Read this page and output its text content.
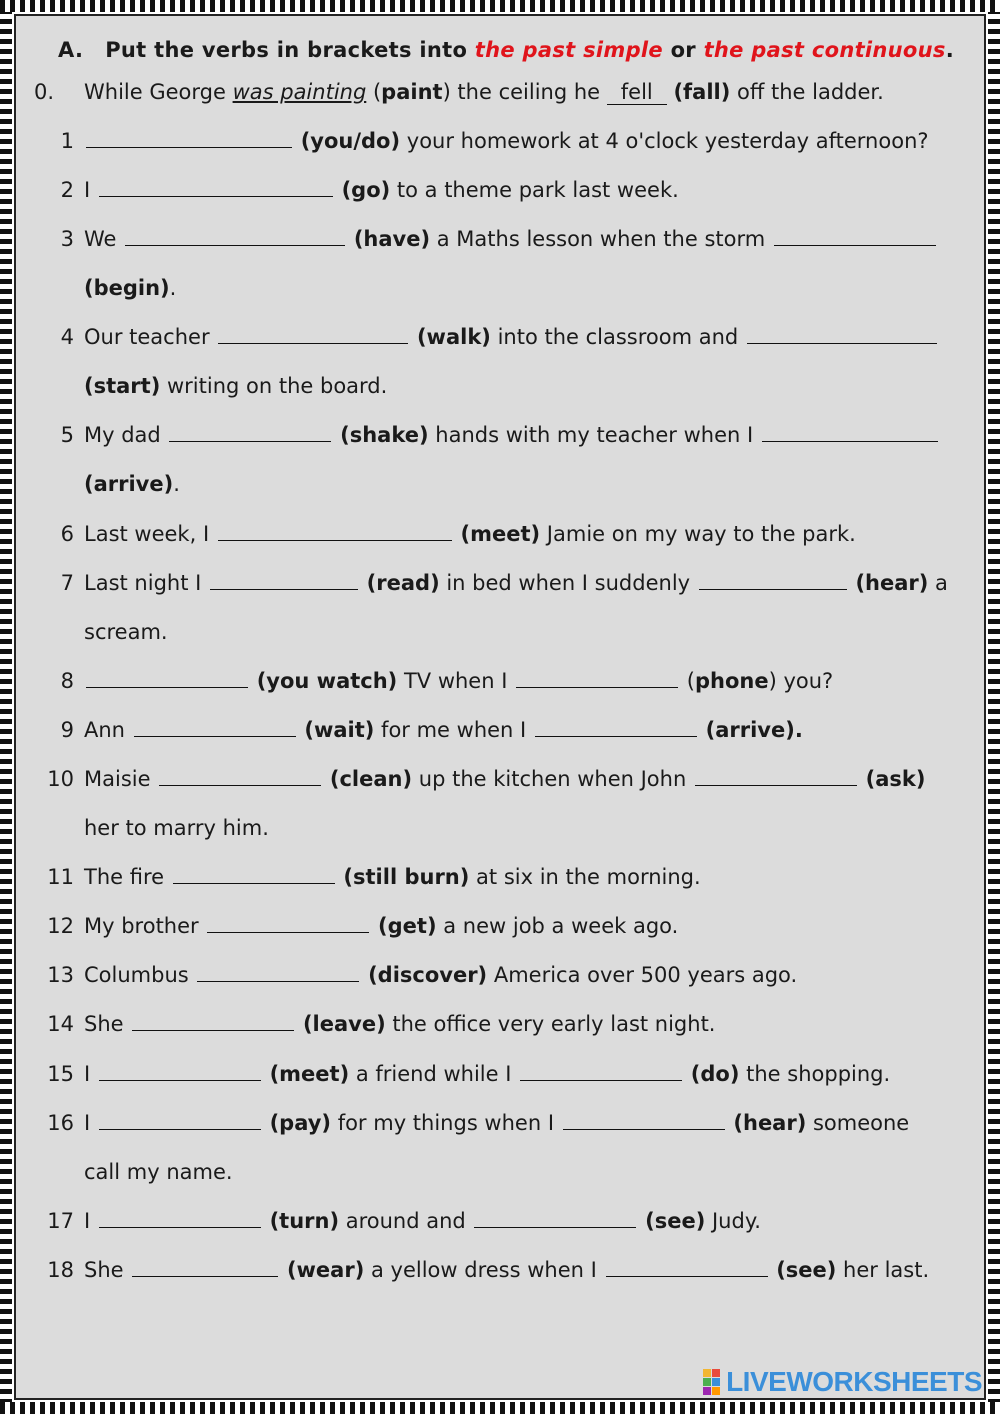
A. Put the verbs in brackets into the past simple or the past continuous.
0.	While George was painting (paint) the ceiling he fell (fall) off the ladder.
1	(you/do) your homework at 4 o'clock yesterday afternoon?
2 I	(go) to a theme park last week.
3 We	(have) a Maths lesson when the storm
(begin).
4 Our teacher	(walk) into the classroom and
(start) writing on the board.
5 My dad	(shake) hands with my teacher when I
(arrive).
6 Last week, I	(meet) Jamie on my way to the park.
7 Last night I	(read) in bed when I suddenly	(hear) a
scream.
8	(you watch) TV when I	(phone) you?
9 Ann	(wait) for me when I	(arrive).
10 Maisie	(clean) up the kitchen when John	(ask)
her to marry him.
11 The fire	(still burn) at six in the morning.
12 My brother	(get) a new job a week ago.
13 Columbus	(discover) America over 500 years ago.
14 She	(leave) the office very early last night.
15 I	(meet) a friend while I	(do) the shopping.
16 I	(pay) for my things when I	(hear) someone
call my name.
17 I	(turn) around and	(see) Judy.
18 She	(wear) a yellow dress when I	(see) her last.
LIVEWORKSHEETS
